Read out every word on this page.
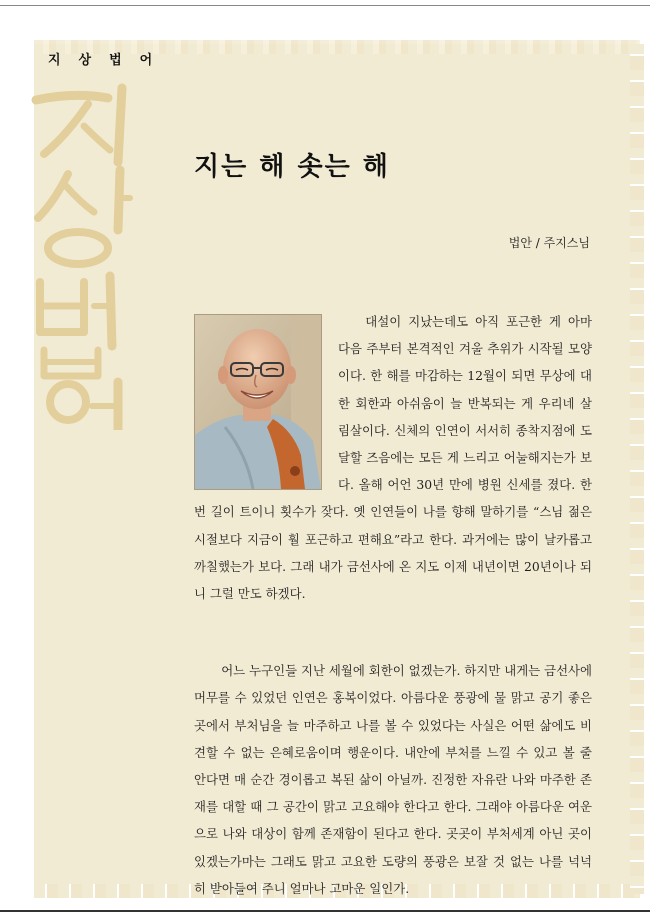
지상법어
지는 해 솟는 해
법안 / 주지스님

대설이 지났는데도 아직 포근한 게 아마 다음 주부터 본격적인 겨울 추위가 시작될 모양이다. 한 해를 마감하는 12월이 되면 무상에 대한 회한과 아쉬움이 늘 반복되는 게 우리네 살림살이다. 신체의 인연이 서서히 종착지점에 도달할 즈음에는 모든 게 느리고 어눌해지는가 보다. 올해 어언 30년 만에 병원 신세를 졌다. 한 번 길이 트이니 횟수가 잦다. 옛 인연들이 나를 향해 말하기를 “스님 젊은 시절보다 지금이 훨 포근하고 편해요”라고 한다. 과거에는 많이 날카롭고 까칠했는가 보다. 그래 내가 금선사에 온 지도 이제 내년이면 20년이나 되니 그럴 만도 하겠다.

어느 누구인들 지난 세월에 회한이 없겠는가. 하지만 내게는 금선사에 머무를 수 있었던 인연은 홍복이었다. 아름다운 풍광에 물 맑고 공기 좋은 곳에서 부처님을 늘 마주하고 나를 볼 수 있었다는 사실은 어떤 삶에도 비견할 수 없는 은혜로움이며 행운이다. 내안에 부처를 느낄 수 있고 볼 줄 안다면 매 순간 경이롭고 복된 삶이 아닐까. 진정한 자유란 나와 마주한 존재를 대할 때 그 공간이 맑고 고요해야 한다고 한다. 그래야 아름다운 여운으로 나와 대상이 함께 존재함이 된다고 한다. 곳곳이 부처세계 아닌 곳이 있겠는가마는 그래도 맑고 고요한 도량의 풍광은 보잘 것 없는 나를 넉넉히 받아들여 주니 얼마나 고마운 일인가.
